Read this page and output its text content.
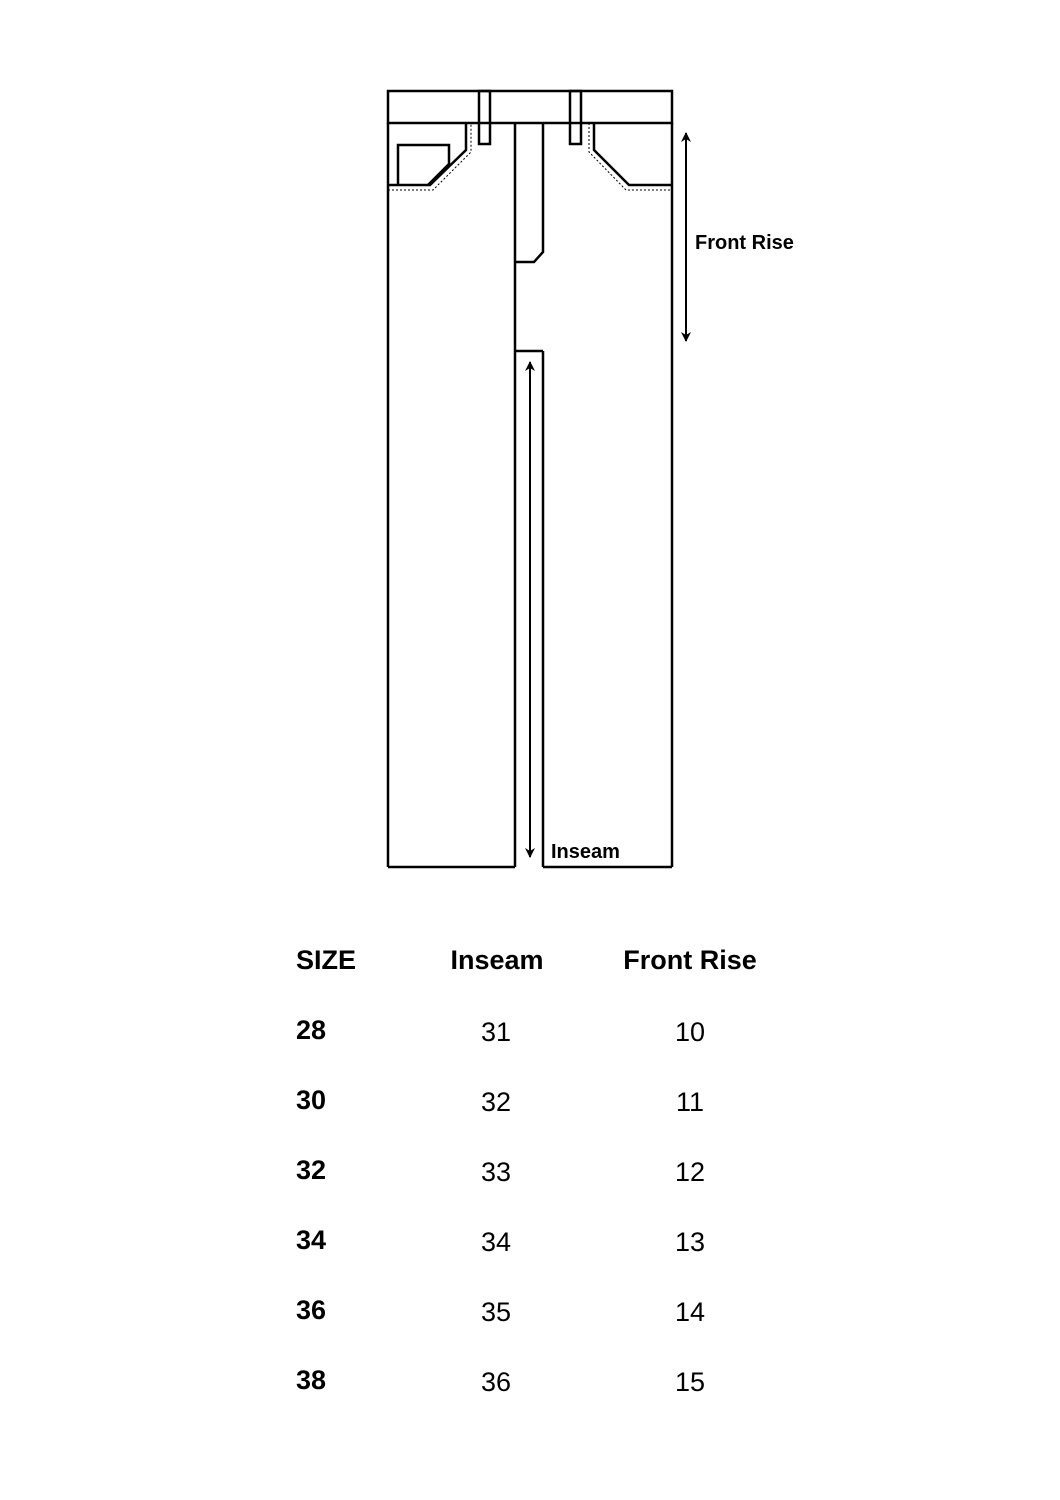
Front Rise
Inseam
SIZE	Inseam	Front Rise
28	31	10
30	32	11
32	33	12
34	34	13
36	35	14
38	36	15
